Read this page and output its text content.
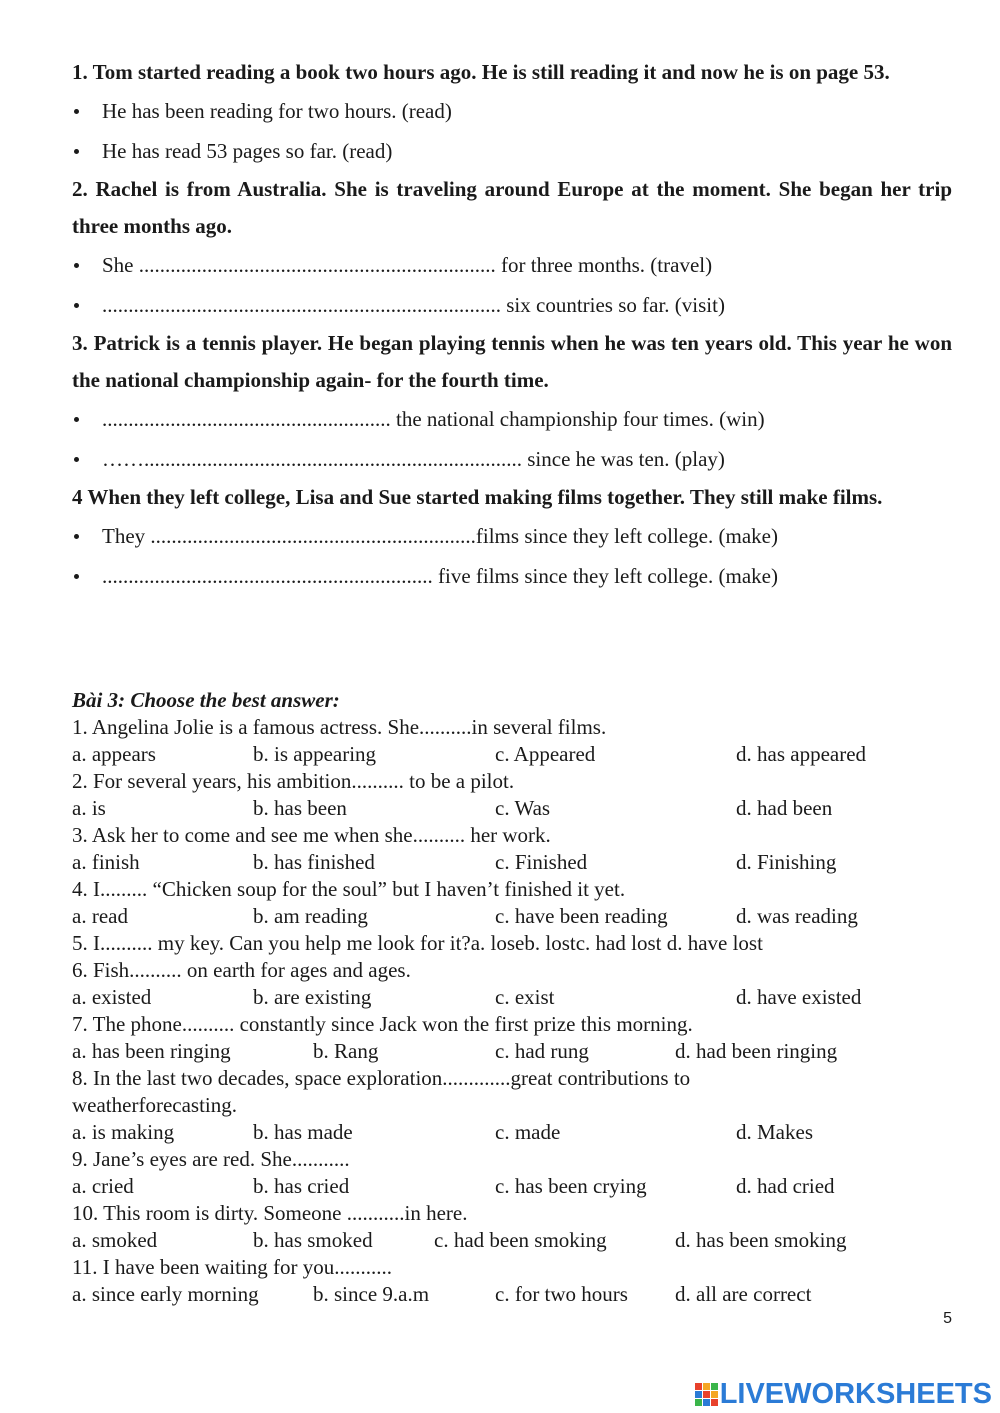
1. Tom started reading a book two hours ago. He is still reading it and now he is on page 53.

He has been reading for two hours. (read)
He has read 53 pages so far. (read)

2. Rachel is from Australia. She is traveling around Europe at the moment. She began her trip three months ago.

She .................................................................... for three months. (travel)
............................................................................ six countries so far. (visit)

3. Patrick is a tennis player. He began playing tennis when he was ten years old. This year he won the national championship again- for the fourth time.

....................................................... the national championship four times. (win)
……........................................................................ since he was ten. (play)

4 When they left college, Lisa and Sue started making films together. They still make films.

They ..............................................................films since they left college. (make)
............................................................... five films since they left college. (make)
Bài 3: Choose the best answer:
1. Angelina Jolie is a famous actress. She..........in several films.
a. appears	b. is appearing	c. Appeared	d. has appeared
2. For several years, his ambition.......... to be a pilot.
a. is	b. has been	c. Was	d. had been
3. Ask her to come and see me when she.......... her work.
a. finish	b. has finished	c. Finished	d. Finishing
4. I......... “Chicken soup for the soul” but I haven’t finished it yet.
a. read	b. am reading	c. have been reading	d. was reading
5. I.......... my key. Can you help me look for it?a. loseb. lostc. had lost d. have lost
6. Fish.......... on earth for ages and ages.
a. existed	b. are existing	c. exist	d. have existed
7. The phone.......... constantly since Jack won the first prize this morning.
a. has been ringing	b. Rang	c. had rung	d. had been ringing
8. In the last two decades, space exploration.............great contributions to
weatherforecasting.
a. is making	b. has made	c. made	d. Makes
9. Jane’s eyes are red. She...........
a. cried	b. has cried	c. has been crying	d. had cried
10. This room is dirty. Someone ...........in here.
a. smoked	b. has smoked	c. had been smoking	d. has been smoking
11. I have been waiting for you...........
a. since early morning	b. since 9.a.m	c. for two hours d. all are correct
5
LIVEWORKSHEETS
